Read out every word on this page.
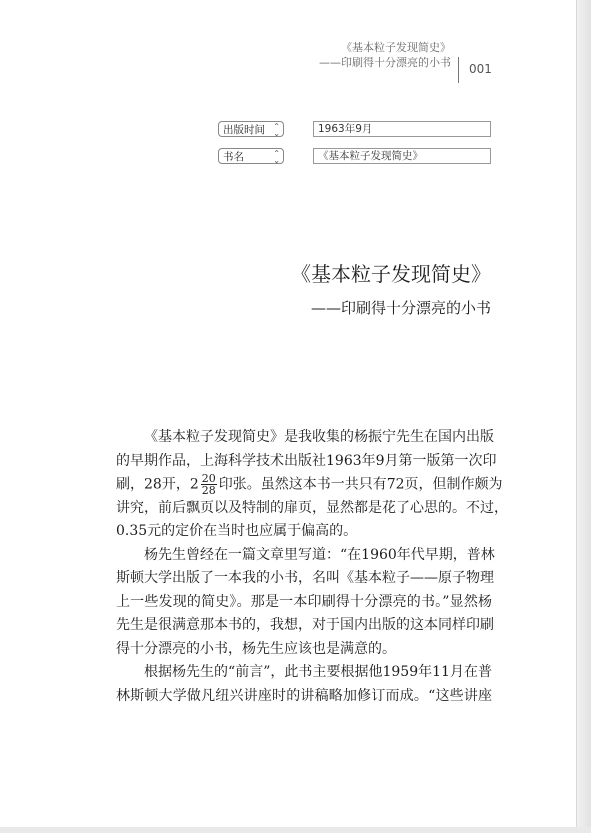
《基本粒子发现简史》
——印刷得十分漂亮的小书 001
出版时间 ⌃
⌄	1963年9月
书名	⌃
⌄	《基本粒子发现简史》
《基本粒子发现简史》
——印刷得十分漂亮的小书
《基本粒子发现简史》是我收集的杨振宁先生在国内出版
的早期作品，上海科学技术出版社1963年9月第一版第一次印
刷，28开，$2 \frac{20}{28}$ 印张。虽然这本书一共只有72页，但制作颇为
讲究，前后飘页以及特制的扉页，显然都是花了心思的。不过，
0.35元的定价在当时也应属于偏高的。
杨先生曾经在一篇文章里写道：“在1960年代早期，普林
斯顿大学出版了一本我的小书，名叫《基本粒子——原子物理
上一些发现的简史》。那是一本印刷得十分漂亮的书。”显然杨
先生是很满意那本书的，我想，对于国内出版的这本同样印刷
得十分漂亮的小书，杨先生应该也是满意的。
根据杨先生的“前言”，此书主要根据他1959年11月在普
林斯顿大学做凡纽兴讲座时的讲稿略加修订而成。“这些讲座
